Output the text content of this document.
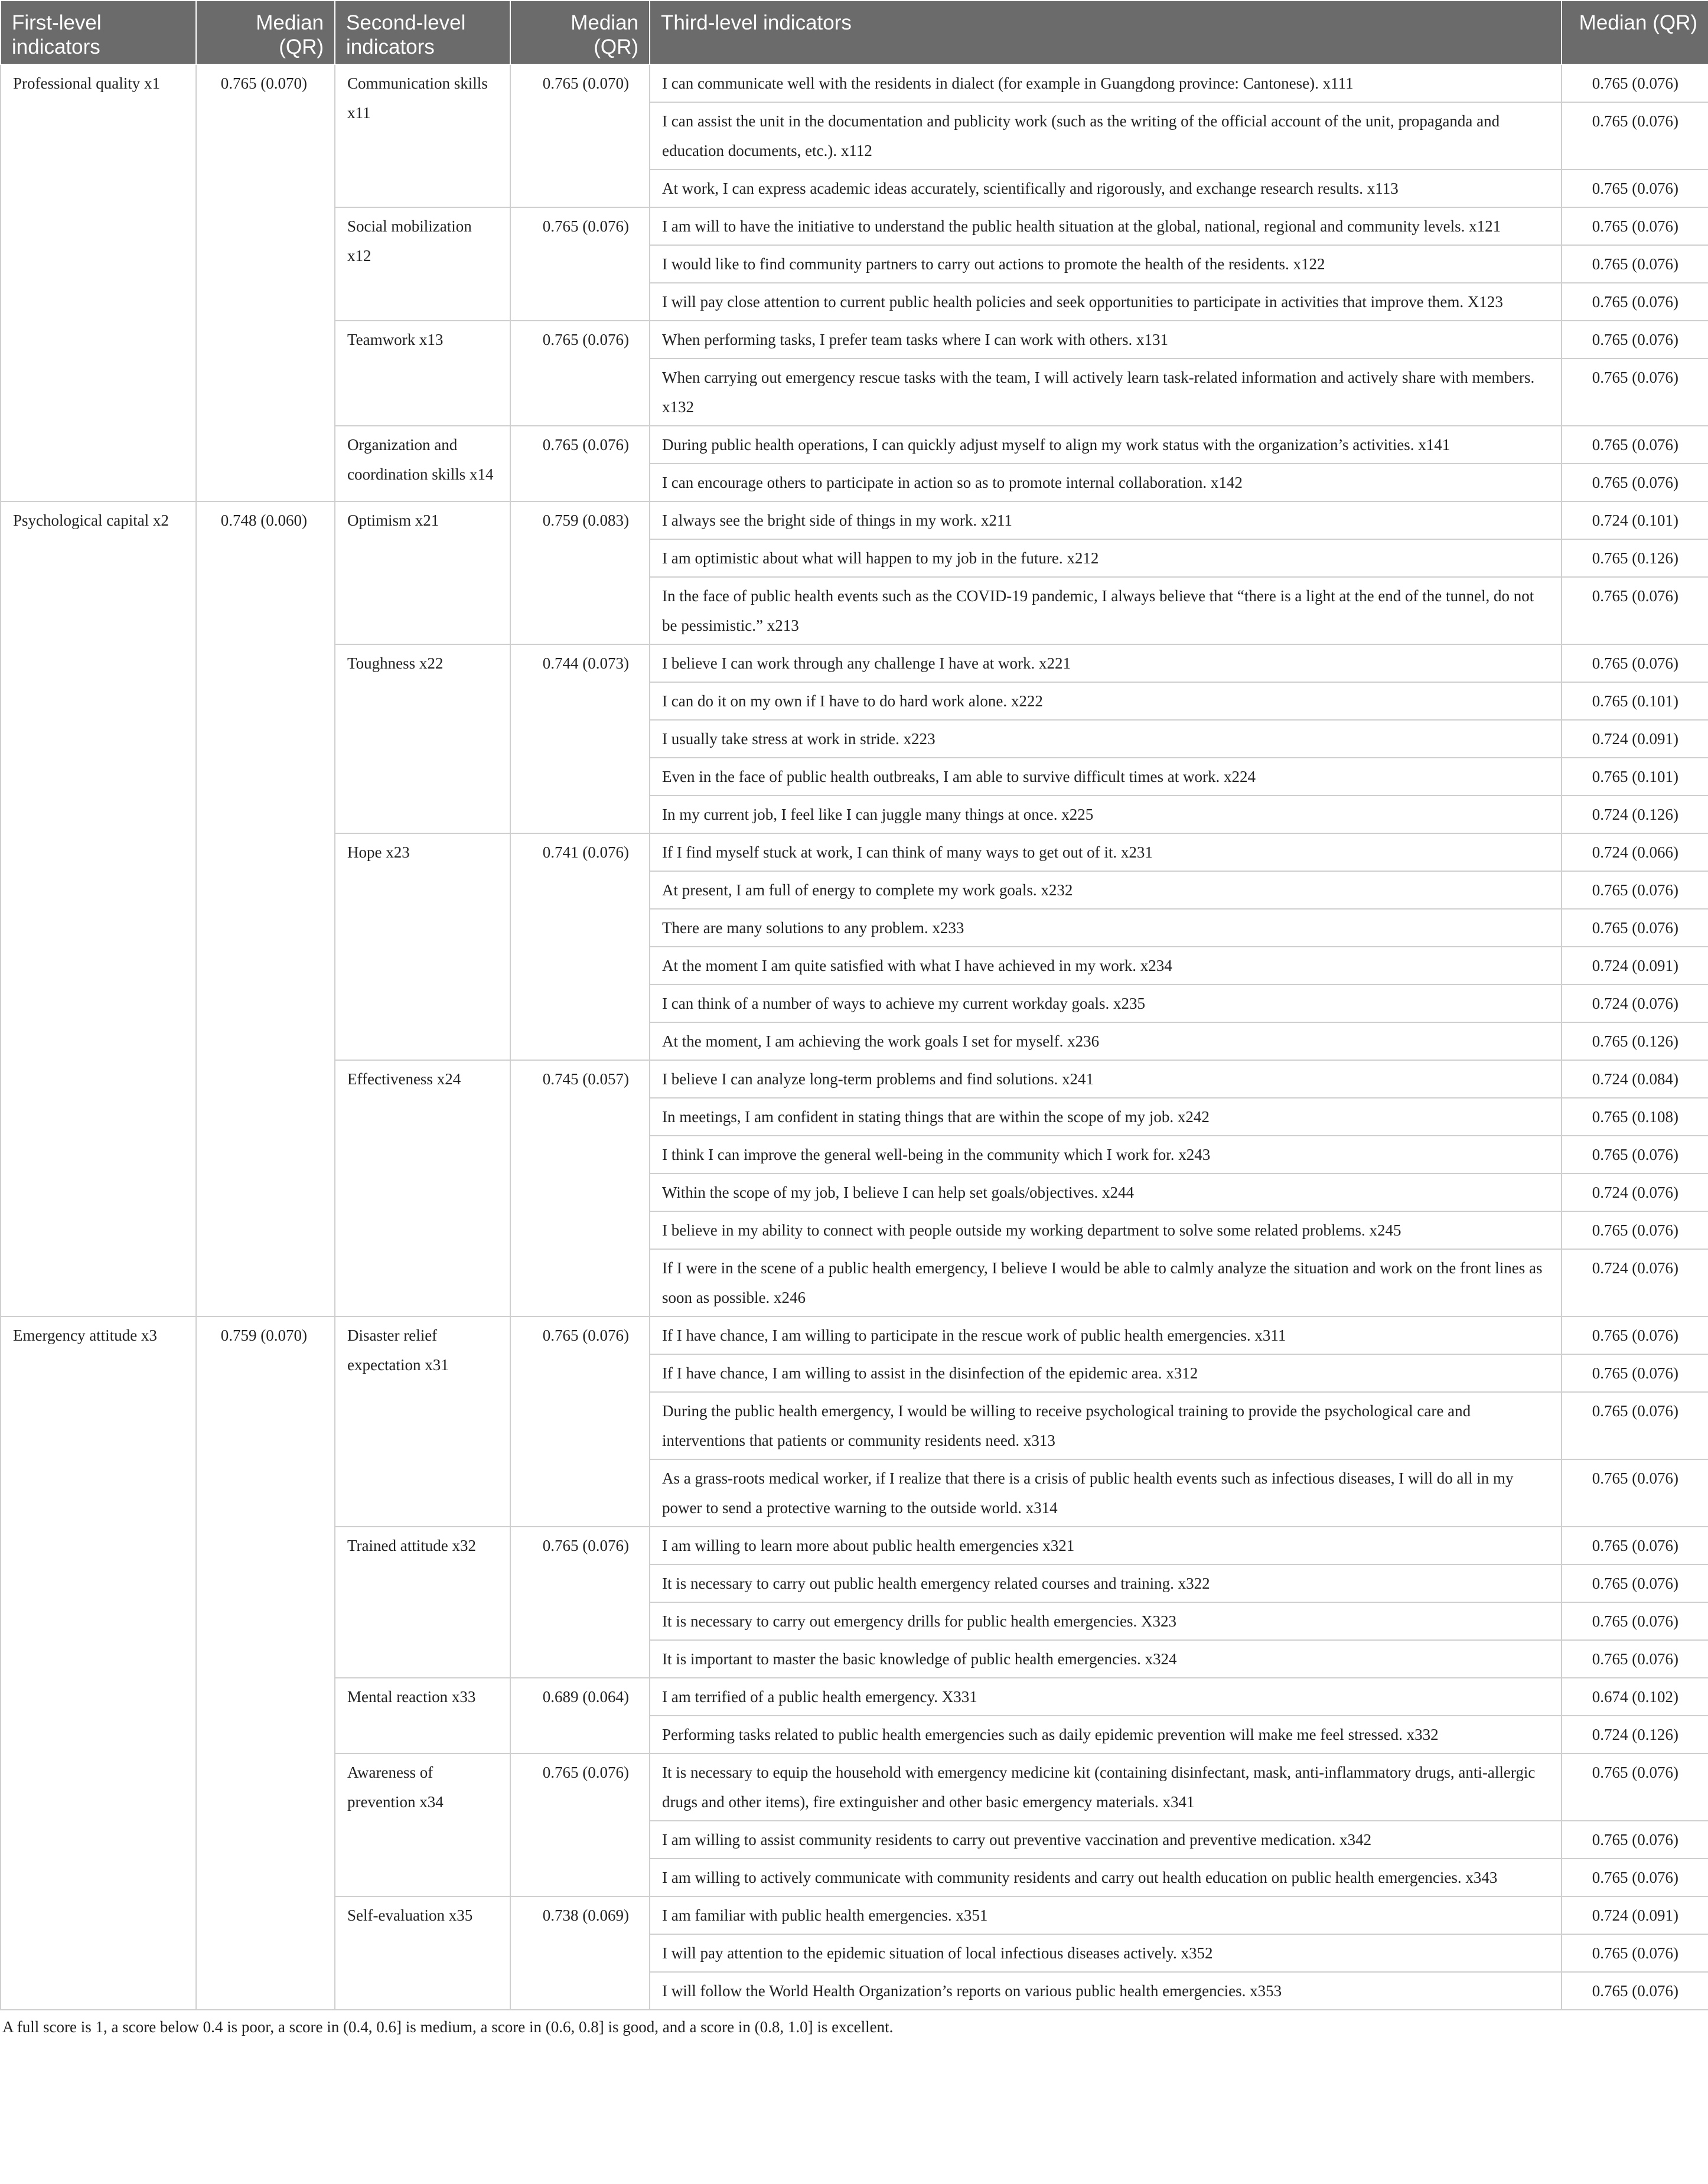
First-level indicators	Median (QR)	Second-level indicators	Median (QR)	Third-level indicators	Median (QR)
Professional quality x1	0.765 (0.070)	Communication skills x11	0.765 (0.070)	I can communicate well with the residents in dialect (for example in Guangdong province: Cantonese). x111	0.765 (0.076)
				I can assist the unit in the documentation and publicity work (such as the writing of the official account of the unit, propaganda and education documents, etc.). x112	0.765 (0.076)
				At work, I can express academic ideas accurately, scientifically and rigorously, and exchange research results. x113	0.765 (0.076)
		Social mobilization x12	0.765 (0.076)	I am will to have the initiative to understand the public health situation at the global, national, regional and community levels. x121	0.765 (0.076)
				I would like to find community partners to carry out actions to promote the health of the residents. x122	0.765 (0.076)
				I will pay close attention to current public health policies and seek opportunities to participate in activities that improve them. X123	0.765 (0.076)
		Teamwork x13	0.765 (0.076)	When performing tasks, I prefer team tasks where I can work with others. x131	0.765 (0.076)
				When carrying out emergency rescue tasks with the team, I will actively learn task-related information and actively share with members. x132	0.765 (0.076)
		Organization and coordination skills x14	0.765 (0.076)	During public health operations, I can quickly adjust myself to align my work status with the organization’s activities. x141	0.765 (0.076)
				I can encourage others to participate in action so as to promote internal collaboration. x142	0.765 (0.076)
Psychological capital x2	0.748 (0.060)	Optimism x21	0.759 (0.083)	I always see the bright side of things in my work. x211	0.724 (0.101)
				I am optimistic about what will happen to my job in the future. x212	0.765 (0.126)
				In the face of public health events such as the COVID-19 pandemic, I always believe that “there is a light at the end of the tunnel, do not be pessimistic.” x213	0.765 (0.076)
		Toughness x22	0.744 (0.073)	I believe I can work through any challenge I have at work. x221	0.765 (0.076)
				I can do it on my own if I have to do hard work alone. x222	0.765 (0.101)
				I usually take stress at work in stride. x223	0.724 (0.091)
				Even in the face of public health outbreaks, I am able to survive difficult times at work. x224	0.765 (0.101)
				In my current job, I feel like I can juggle many things at once. x225	0.724 (0.126)
		Hope x23	0.741 (0.076)	If I find myself stuck at work, I can think of many ways to get out of it. x231	0.724 (0.066)
				At present, I am full of energy to complete my work goals. x232	0.765 (0.076)
				There are many solutions to any problem. x233	0.765 (0.076)
				At the moment I am quite satisfied with what I have achieved in my work. x234	0.724 (0.091)
				I can think of a number of ways to achieve my current workday goals. x235	0.724 (0.076)
				At the moment, I am achieving the work goals I set for myself. x236	0.765 (0.126)
		Effectiveness x24	0.745 (0.057)	I believe I can analyze long-term problems and find solutions. x241	0.724 (0.084)
				In meetings, I am confident in stating things that are within the scope of my job. x242	0.765 (0.108)
				I think I can improve the general well-being in the community which I work for. x243	0.765 (0.076)
				Within the scope of my job, I believe I can help set goals/objectives. x244	0.724 (0.076)
				I believe in my ability to connect with people outside my working department to solve some related problems. x245	0.765 (0.076)
				If I were in the scene of a public health emergency, I believe I would be able to calmly analyze the situation and work on the front lines as soon as possible. x246	0.724 (0.076)
Emergency attitude x3	0.759 (0.070)	Disaster relief expectation x31	0.765 (0.076)	If I have chance, I am willing to participate in the rescue work of public health emergencies. x311	0.765 (0.076)
				If I have chance, I am willing to assist in the disinfection of the epidemic area. x312	0.765 (0.076)
				During the public health emergency, I would be willing to receive psychological training to provide the psychological care and interventions that patients or community residents need. x313	0.765 (0.076)
				As a grass-roots medical worker, if I realize that there is a crisis of public health events such as infectious diseases, I will do all in my power to send a protective warning to the outside world. x314	0.765 (0.076)
		Trained attitude x32	0.765 (0.076)	I am willing to learn more about public health emergencies x321	0.765 (0.076)
				It is necessary to carry out public health emergency related courses and training. x322	0.765 (0.076)
				It is necessary to carry out emergency drills for public health emergencies. X323	0.765 (0.076)
				It is important to master the basic knowledge of public health emergencies. x324	0.765 (0.076)
		Mental reaction x33	0.689 (0.064)	I am terrified of a public health emergency. X331	0.674 (0.102)
				Performing tasks related to public health emergencies such as daily epidemic prevention will make me feel stressed. x332	0.724 (0.126)
		Awareness of prevention x34	0.765 (0.076)	It is necessary to equip the household with emergency medicine kit (containing disinfectant, mask, anti-inflammatory drugs, anti-allergic drugs and other items), fire extinguisher and other basic emergency materials. x341	0.765 (0.076)
				I am willing to assist community residents to carry out preventive vaccination and preventive medication. x342	0.765 (0.076)
				I am willing to actively communicate with community residents and carry out health education on public health emergencies. x343	0.765 (0.076)
		Self-evaluation x35	0.738 (0.069)	I am familiar with public health emergencies. x351	0.724 (0.091)
				I will pay attention to the epidemic situation of local infectious diseases actively. x352	0.765 (0.076)
				I will follow the World Health Organization’s reports on various public health emergencies. x353	0.765 (0.076)
A full score is 1, a score below 0.4 is poor, a score in (0.4, 0.6] is medium, a score in (0.6, 0.8] is good, and a score in (0.8, 1.0] is excellent.
